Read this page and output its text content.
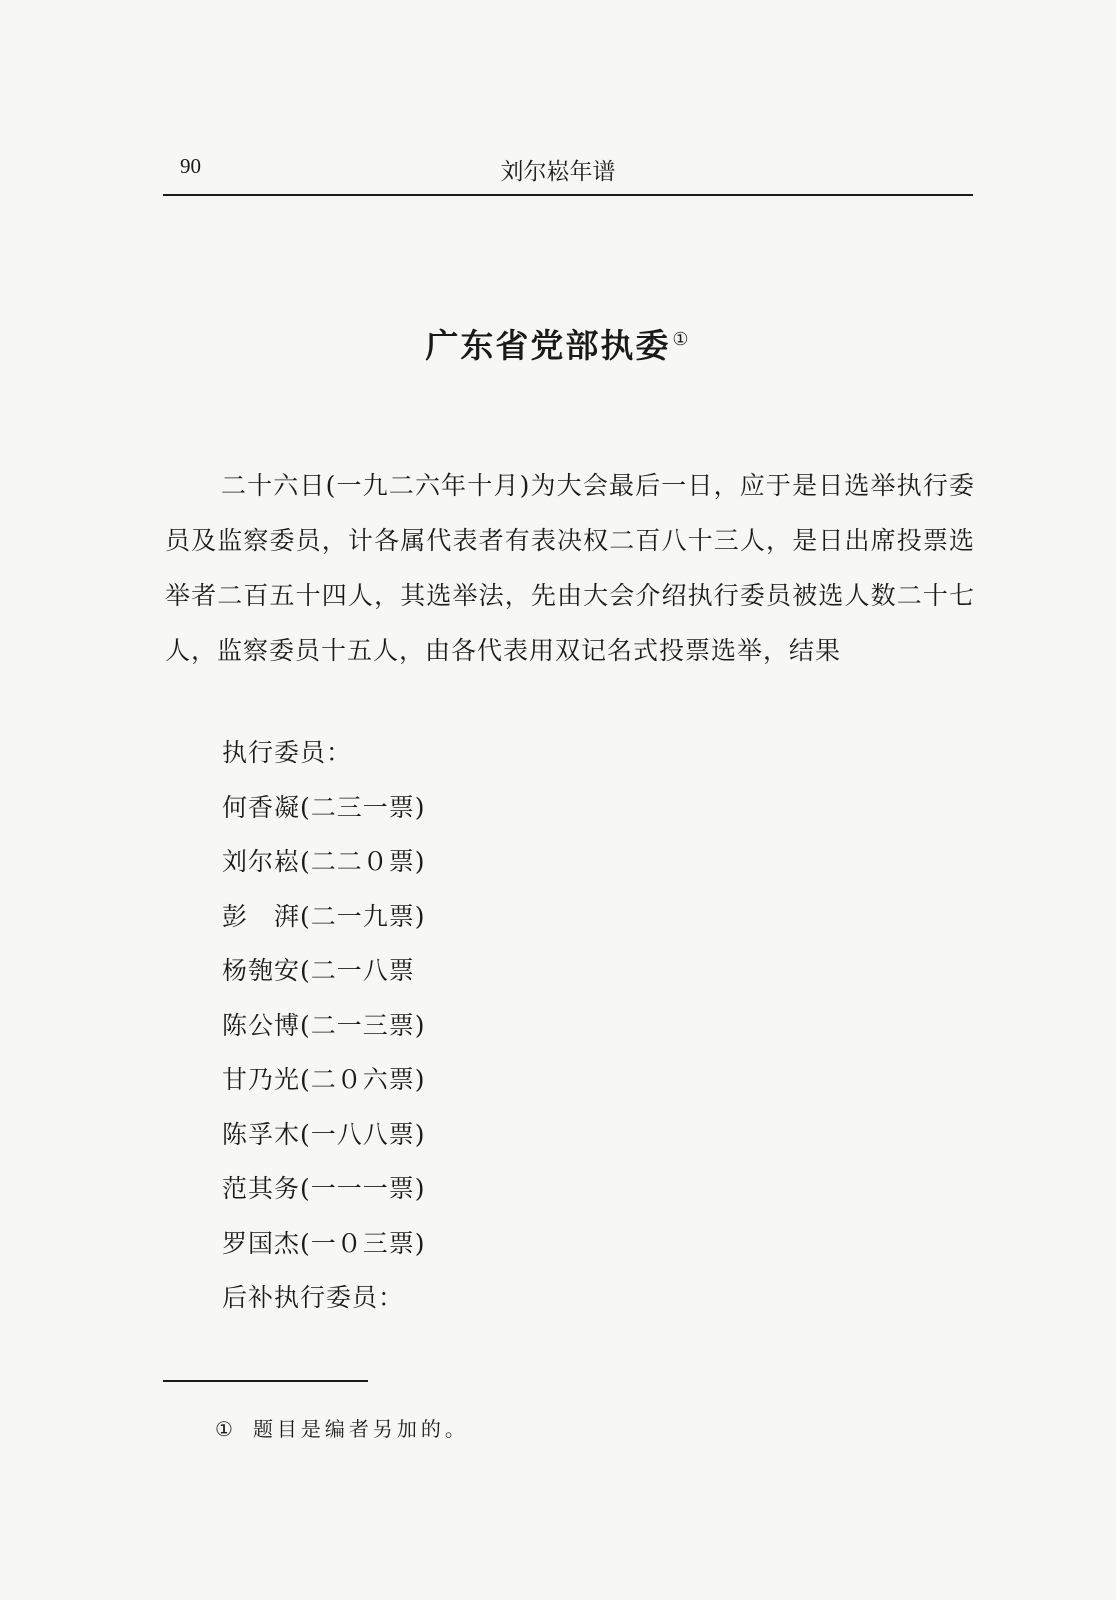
90	刘尔崧年谱
广东省党部执委 ①

二十六日(一九二六年十月)为大会最后一日，应于是日选举执行委员及监察委员，计各属代表者有表决权二百八十三人，是日出席投票选举者二百五十四人，其选举法，先由大会介绍执行委员被选人数二十七人，监察委员十五人，由各代表用双记名式投票选举，结果

执行委员：
何香凝(二三一票)
刘尔崧(二二０票)
彭　湃(二一九票)
杨匏安(二一八票
陈公博(二一三票)
甘乃光(二０六票)
陈孚木(一八八票)
范其务(一一一票)
罗国杰(一０三票)
后补执行委员：
① 题目是编者另加的。
